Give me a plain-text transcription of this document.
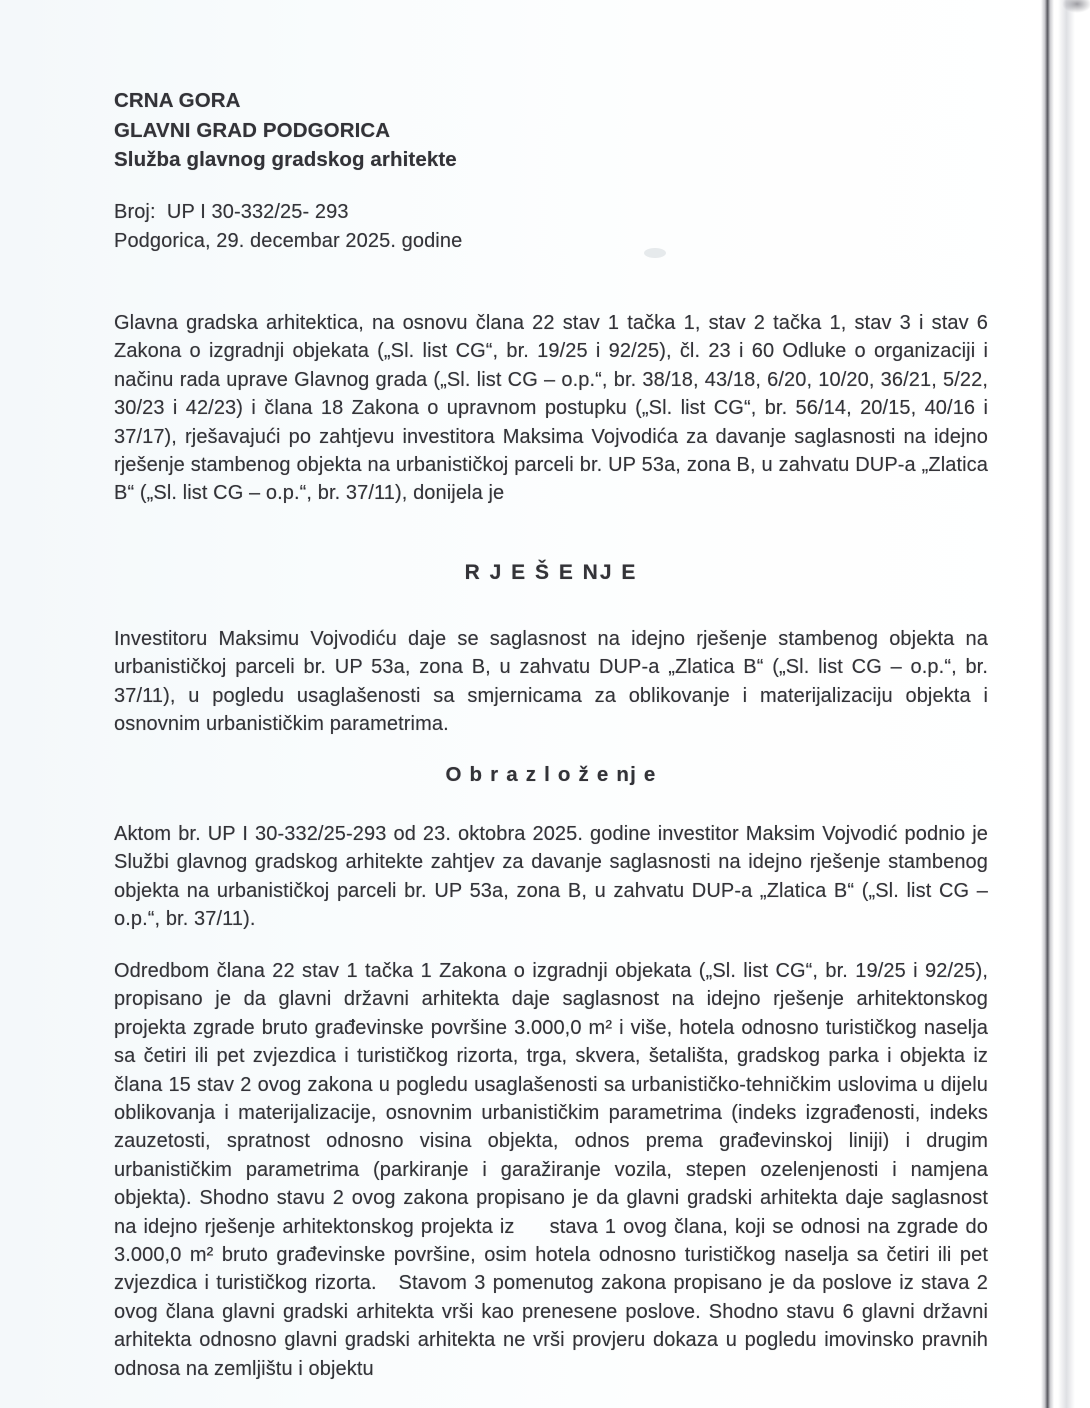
CRNA GORA
GLAVNI GRAD PODGORICA
Služba glavnog gradskog arhitekte
Broj:  UP I 30-332/25- 293
Podgorica, 29. decembar 2025. godine
Glavna gradska arhitektica, na osnovu člana 22 stav 1 tačka 1, stav 2 tačka 1, stav 3 i stav 6 Zakona o izgradnji objekata („Sl. list CG“, br. 19/25 i 92/25), čl. 23 i 60 Odluke o organizaciji i načinu rada uprave Glavnog grada („Sl. list CG – o.p.“, br. 38/18, 43/18, 6/20, 10/20, 36/21, 5/22, 30/23 i 42/23) i člana 18 Zakona o upravnom postupku („Sl. list CG“, br. 56/14, 20/15, 40/16 i 37/17), rješavajući po zahtjevu investitora Maksima Vojvodića za davanje saglasnosti na idejno rješenje stambenog objekta na urbanističkoj parceli br. UP 53a, zona B, u zahvatu DUP-a „Zlatica B“ („Sl. list CG – o.p.“, br. 37/11), donijela je
R J E Š E NJ E
Investitoru Maksimu Vojvodiću daje se saglasnost na idejno rješenje stambenog objekta na urbanističkoj parceli br. UP 53a, zona B, u zahvatu DUP-a „Zlatica B“ („Sl. list CG – o.p.“, br. 37/11), u pogledu usaglašenosti sa smjernicama za oblikovanje i materijalizaciju objekta i osnovnim urbanističkim parametrima.
O b r a z l o ž e nj e
Aktom br. UP I 30-332/25-293 od 23. oktobra 2025. godine investitor Maksim Vojvodić podnio je Službi glavnog gradskog arhitekte zahtjev za davanje saglasnosti na idejno rješenje stambenog objekta na urbanističkoj parceli br. UP 53a, zona B, u zahvatu DUP-a „Zlatica B“ („Sl. list CG – o.p.“, br. 37/11).
Odredbom člana 22 stav 1 tačka 1 Zakona o izgradnji objekata („Sl. list CG“, br. 19/25 i 92/25), propisano je da glavni državni arhitekta daje saglasnost na idejno rješenje arhitektonskog projekta zgrade bruto građevinske površine 3.000,0 m² i više, hotela odnosno turističkog naselja sa četiri ili pet zvjezdica i turističkog rizorta, trga, skvera, šetališta, gradskog parka i objekta iz člana 15 stav 2 ovog zakona u pogledu usaglašenosti sa urbanističko-tehničkim uslovima u dijelu oblikovanja i materijalizacije, osnovnim urbanističkim parametrima (indeks izgrađenosti, indeks zauzetosti, spratnost odnosno visina objekta, odnos prema građevinskoj liniji) i drugim urbanističkim parametrima (parkiranje i garažiranje vozila, stepen ozelenjenosti i namjena objekta). Shodno stavu 2 ovog zakona propisano je da glavni gradski arhitekta daje saglasnost na idejno rješenje arhitektonskog projekta iz     stava 1 ovog člana, koji se odnosi na zgrade do 3.000,0 m² bruto građevinske površine, osim hotela odnosno turističkog naselja sa četiri ili pet zvjezdica i turističkog rizorta.   Stavom 3 pomenutog zakona propisano je da poslove iz stava 2 ovog člana glavni gradski arhitekta vrši kao prenesene poslove. Shodno stavu 6 glavni državni arhitekta odnosno glavni gradski arhitekta ne vrši provjeru dokaza u pogledu imovinsko pravnih odnosa na zemljištu i objektu
